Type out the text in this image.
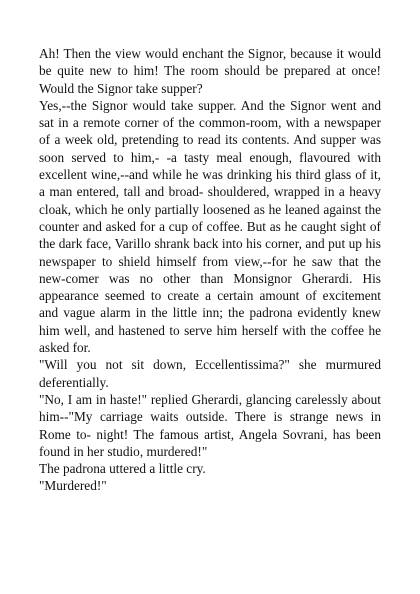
Ah! Then the view would enchant the Signor, because it would be quite new to him! The room should be prepared at once! Would the Signor take supper?

Yes,--the Signor would take supper. And the Signor went and sat in a remote corner of the common-room, with a newspaper of a week old, pretending to read its contents. And supper was soon served to him,- -a tasty meal enough, flavoured with excellent wine,--and while he was drinking his third glass of it, a man entered, tall and broad- shouldered, wrapped in a heavy cloak, which he only partially loosened as he leaned against the counter and asked for a cup of coffee. But as he caught sight of the dark face, Varillo shrank back into his corner, and put up his newspaper to shield himself from view,--for he saw that the new-comer was no other than Monsignor Gherardi. His appearance seemed to create a certain amount of excitement and vague alarm in the little inn; the padrona evidently knew him well, and hastened to serve him herself with the coffee he asked for.

"Will you not sit down, Eccellentissima?" she murmured deferentially.

"No, I am in haste!" replied Gherardi, glancing carelessly about him--"My carriage waits outside. There is strange news in Rome to- night! The famous artist, Angela Sovrani, has been found in her studio, murdered!"

The padrona uttered a little cry.

"Murdered!"
